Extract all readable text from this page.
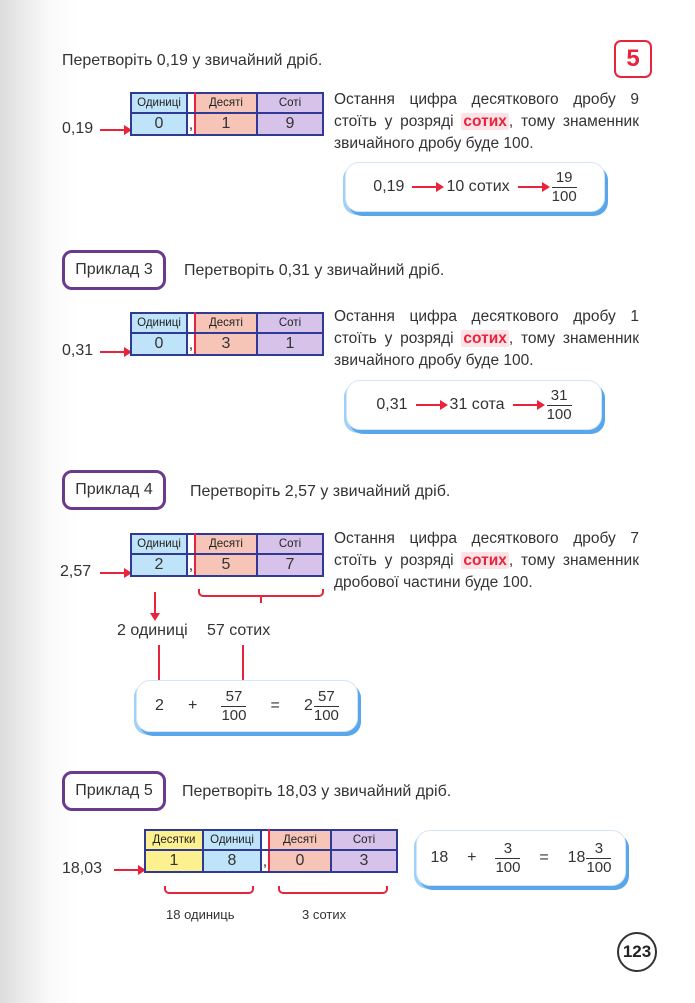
Перетворіть 0,19 у звичайний дріб.	5
0,19
Одиниці		Десяті	Соті
0	,	1	9
Остання цифра десяткового дробу 9 стоїть у розряді сотих , тому знаменник звичайного дробу буде 100.
0,19	10 сотих	$\frac{19}{100}$
Приклад 3	Перетворіть 0,31 у звичайний дріб.
0,31
Одиниці		Десяті	Соті
0	,	3	1
Остання цифра десяткового дробу 1 стоїть у розряді сотих , тому знаменник звичайного дробу буде 100.
0,31	31 сота	$\frac{31}{100}$
Приклад 4	Перетворіть 2,57 у звичайний дріб.
2,57
Одиниці		Десяті	Соті
2	,	5	7
Остання цифра десяткового дробу 7 стоїть у розряді сотих , тому знаменник дробової частини буде 100.
2 одиниці 57 сотих
$2 + \frac{57}{100} = 2 \frac{57}{100}$
Приклад 5	Перетворіть 18,03 у звичайний дріб.
18,03
Десятки	Одиниці		Десяті	Соті
1	8	,	0	3
18 одиниць	3 сотих
$18 + \frac{3}{100} = 18 \frac{3}{100}$
123
